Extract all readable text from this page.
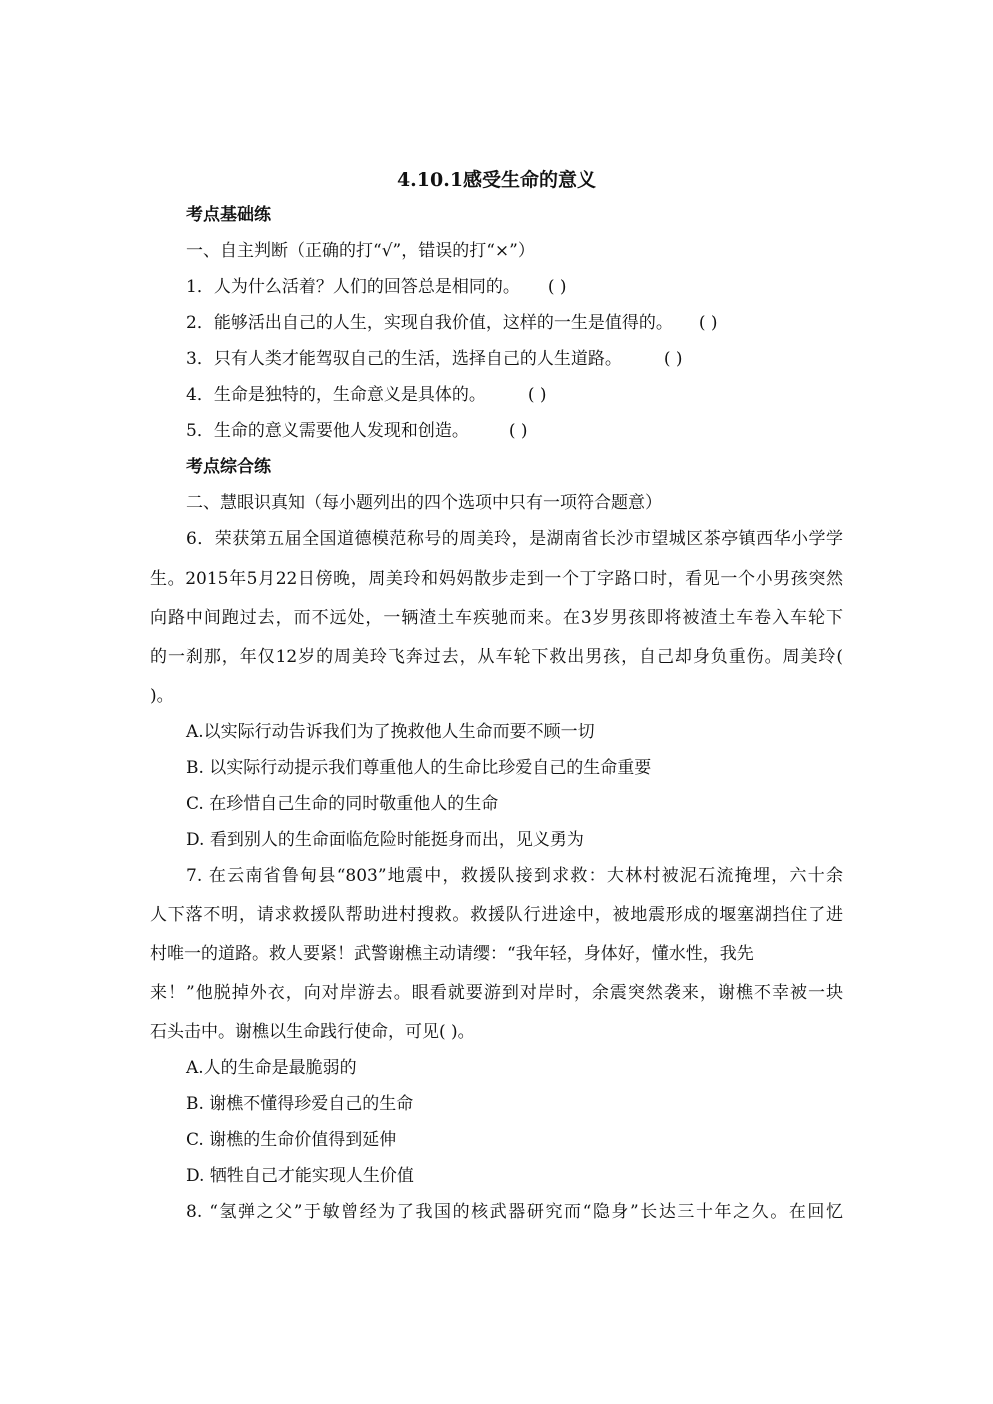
4.10.1感受生命的意义
考点基础练
一、自主判断（正确的打“√”，错误的打“×”）
1．人为什么活着？人们的回答总是相同的。 ( )
2．能够活出自己的人生，实现自我价值，这样的一生是值得的。 ( )
3．只有人类才能驾驭自己的生活，选择自己的人生道路。 ( )
4．生命是独特的，生命意义是具体的。 ( )
5．生命的意义需要他人发现和创造。 ( )
考点综合练
二、慧眼识真知（每小题列出的四个选项中只有一项符合题意）
6．荣获第五届全国道德模范称号的周美玲，是湖南省长沙市望城区茶亭镇西华小学学
生。2015年5月22日傍晚，周美玲和妈妈散步走到一个丁字路口时，看见一个小男孩突然
向路中间跑过去，而不远处，一辆渣土车疾驰而来。在3岁男孩即将被渣土车卷入车轮下
的一刹那，年仅12岁的周美玲飞奔过去，从车轮下救出男孩，自己却身负重伤。周美玲(
)。
A.以实际行动告诉我们为了挽救他人生命而要不顾一切
B. 以实际行动提示我们尊重他人的生命比珍爱自己的生命重要
C. 在珍惜自己生命的同时敬重他人的生命
D. 看到别人的生命面临危险时能挺身而出，见义勇为
7. 在云南省鲁甸县“803”地震中，救援队接到求救：大林村被泥石流掩埋，六十余
人下落不明，请求救援队帮助进村搜救。救援队行进途中，被地震形成的堰塞湖挡住了进
村唯一的道路。救人要紧！武警谢樵主动请缨：“我年轻，身体好，懂水性，我先
来！”他脱掉外衣，向对岸游去。眼看就要游到对岸时，余震突然袭来，谢樵不幸被一块
石头击中。谢樵以生命践行使命，可见( )。
A.人的生命是最脆弱的
B. 谢樵不懂得珍爱自己的生命
C. 谢樵的生命价值得到延伸
D. 牺牲自己才能实现人生价值
8. “氢弹之父”于敏曾经为了我国的核武器研究而“隐身”长达三十年之久。在回忆
